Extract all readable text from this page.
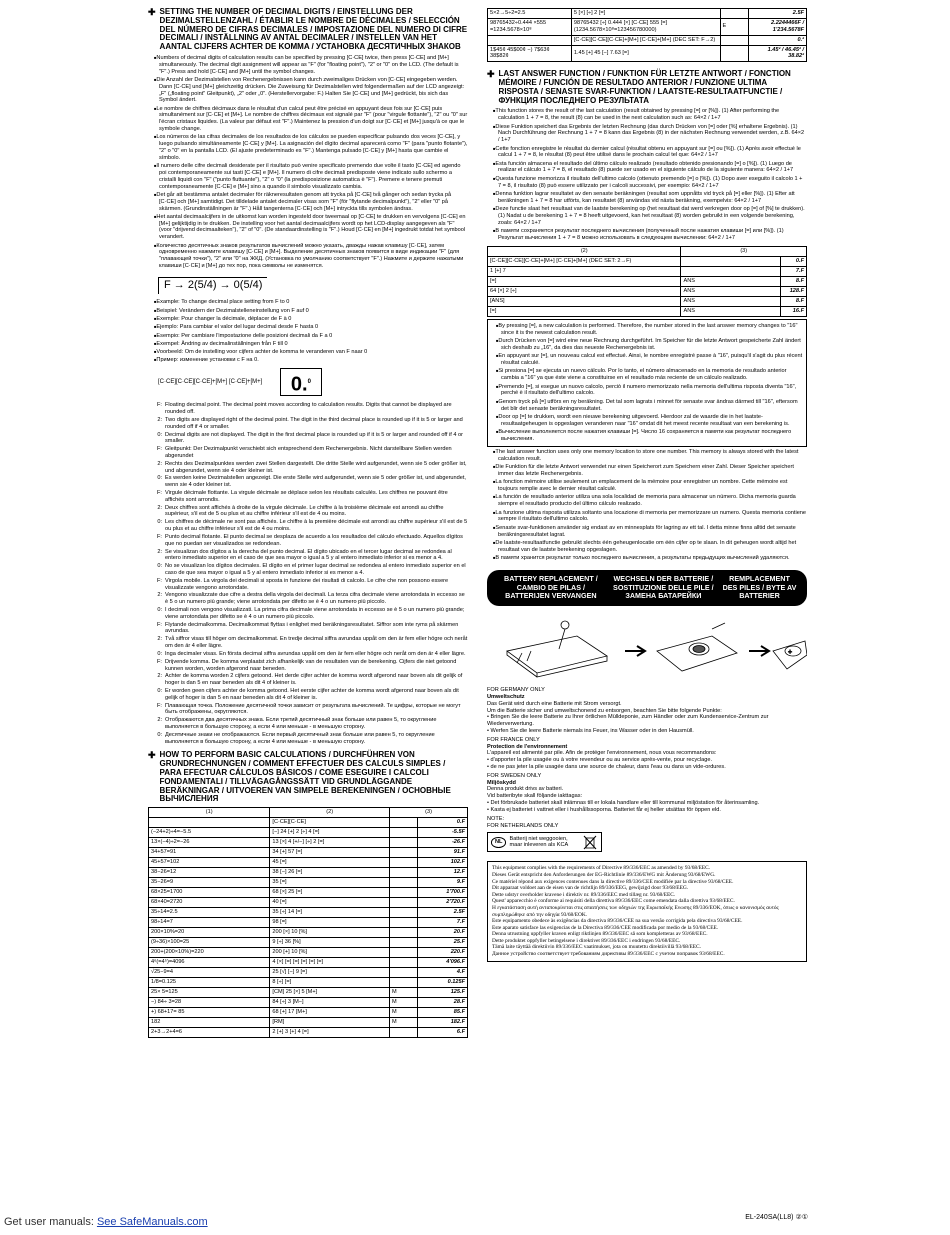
✚ SETTING THE NUMBER OF DECIMAL DIGITS / EINSTELLUNG DER DEZIMALSTELLENZAHL / ÉTABLIR LE NOMBRE DE DÉCIMALES / SELECCIÓN DEL NÚMERO DE CIFRAS DECIMALES / IMPOSTAZIONE DEL NUMERO DI CIFRE DECIMALI / INSTÄLLNING AV ANTAL DECIMALER / INSTELLEN VAN HET AANTAL CIJFERS ACHTER DE KOMMA / УСТАНОВКА ДЕСЯТИЧНЫХ ЗНАКОВ

■ Numbers of decimal digits of calculation results can be specified by pressing [C·CE] twice, then press [C·CE] and [M+] simultaneously. The decimal digit assignment will appear as "F" (for "floating point"), "2" or "0" on the LCD. (The default is "F".) Press and hold [C·CE] and [M+] until the symbol changes.

■ Die Anzahl der Dezimalstellen von Rechenergebnissen kann durch zweimaliges Drücken von [C·CE] eingegeben werden. Dann [C·CE] und [M+] gleichzeitig drücken. Die Zuweisung für Dezimalstellen wird folgendermaßen auf der LCD angezeigt: „F" („floating point" Gleitpunkt), „2" oder „0". (Herstellervorgabe: F.) Halten Sie [C·CE] und [M+] gedrückt, bis sich das Symbol ändert.

■ Le nombre de chiffres décimaux dans le résultat d'un calcul peut être précisé en appuyant deux fois sur [C·CE] puis simultanément sur [C·CE] et [M+]. Le nombre de chiffres décimaux est signalé par "F" (pour "virgule flottante"), "2" ou "0" sur l'écran cristaux liquides. (La valeur par défaut est "F".) Maintenez la pression d'un doigt sur [C·CE] et [M+] jusqu'à ce que le symbole change.

■ Los números de las cifras decimales de los resultados de los cálculos se pueden especificar pulsando dos veces [C·CE], y luego pulsando simultáneamente [C·CE] y [M+]. La asignación del dígito decimal aparecerá como "F" (para "punto flotante"), "2" o "0" en la pantalla LCD. (El ajuste predeterminado es "F".) Mantenga pulsado [C·CE] y [M+] hasta que cambie el símbolo.

■ Il numero delle cifre decimali desiderate per il risultato può venire specificato premendo due volte il tasto [C·CE] ed agendo poi contemporaneamente sui tasti [C·CE] e [M+]. Il numero di cifre decimali predisposte viene indicato sullo schermo a cristalli liquidi con "F" ("punto fluttuante"), "2" o "0" (la predisposizione automatica è "F"). Premere e tenere premuti contemporaneamente [C·CE] e [M+] sino a quando il simbolo visualizzato cambia.

■ Det går att bestämma antalet decimaler för räkneresultaten genom att trycka på [C·CE] två gånger och sedan trycka på [C·CE] och [M+] samtidigt. Det tilldelade antalet decimaler visas som "F" (för "flytande decimalpunkt"), "2" eller "0" på skärmen. (Grundinställningen är "F".) Håll tangenterna [C·CE] och [M+] intryckta tills symbolen ändras.

■ Het aantal decimaalcijfers in de uitkomst kan worden ingesteld door tweemaal op [C·CE] te drukken en vervolgens [C·CE] en [M+] gelijktijdig in te drukken. De instelling voor het aantal decimaalcijfers wordt op het LCD-display aangegeven als "F" (voor "drijvend decimaalteken"), "2" of "0". (De standaardinstelling is "F".) Houd [C·CE] en [M+] ingedrukt totdat het symbool verandert.

■ Количество десятичных знаков результатов вычислений можно указать, дважды нажав клавишу [C·CE], затем одновременно нажмите клавишу [C·CE] и [M+]. Выделение десятичных знаков появится в виде индикации "F" (для "плавающей точки"), "2" или "0" на ЖКД. (Установка по умолчанию соответствует "F".) Нажмите и держите нажатыми клавиши [C·CE] и [M+] до тех пор, пока символы не изменятся.

F → 2(5/4) → 0(5/4)

■ Example: To change decimal place setting from F to 0

■ Beispiel: Verändern der Dezimalstelleneinstellung von F auf 0

■ Exemple: Pour changer la décimale, déplacer de F à 0

■ Ejemplo: Para cambiar el valor del lugar decimal desde F hasta 0

■ Esempio: Per cambiare l'impostazione delle posizioni decimali da F a 0

■ Exempel: Ändring av decimalinställningen från F till 0

■ Voorbeeld: Om de instelling voor cijfers achter de komma te veranderen van F naar 0

■ Пример: изменение установки с F на 0.

[C·CE][C·CE][C·CE]+[M+] [C·CE]+[M+] 0.$^0$
F: Floating decimal point. The decimal point moves according to calculation results. Digits that cannot be displayed are rounded off.
2: Two digits are displayed right of the decimal point. The digit in the third decimal place is rounded up if it is 5 or larger and rounded off if 4 or smaller.
0: Decimal digits are not displayed. The digit in the first decimal place is rounded up if it is 5 or larger and rounded off if 4 or smaller.
F: Gleitpunkt: Der Dezimalpunkt verschiebt sich entsprechend dem Rechenergebnis. Nicht darstellbare Stellen werden abgerundet
2: Rechts des Dezimalpunktes werden zwei Stellen dargestellt. Die dritte Stelle wird aufgerundet, wenn sie 5 oder größer ist, und abgerundet, wenn sie 4 oder kleiner ist.
0: Es werden keine Dezimalstellen angezeigt. Die erste Stelle wird aufgerundet, wenn sie 5 oder größer ist, und abgerundet, wenn sie 4 oder kleiner ist.
F: Virgule décimale flottante. La virgule décimale se déplace selon les résultats calculés. Les chiffres ne pouvant être affichés sont arrondis.
2: Deux chiffres sont affichés à droite de la virgule décimale. Le chiffre à la troisième décimale est arrondi au chiffre supérieur, s'il est de 5 ou plus et au chiffre inférieur s'il est de 4 ou moins.
0: Les chiffres de décimale ne sont pas affichés. Le chiffre à la première décimale est arrondi au chiffre supérieur s'il est de 5 ou plus et au chiffre inférieur s'il est de 4 ou moins.
F: Punto decimal flotante. El punto decimal se desplaza de acuerdo a los resultados del cálculo efectuado. Aquellos dígitos que no puedan ser visualizados se redondean.
2: Se visualizan dos dígitos a la derecha del punto decimal. El dígito ubicado en el tercer lugar decimal se redondea al entero inmediato superior en el caso de que sea mayor o igual a 5 y al entero inmediato inferior si es menor a 4.
0: No se visualizan los dígitos decimales. El dígito en el primer lugar decimal se redondea al entero inmediato superior en el caso de que sea mayor o igual a 5 y al entero inmediato inferior si es menor a 4.
F: Virgola mobile. La virgola dei decimali si sposta in funzione dei risultati di calcolo. Le cifre che non possono essere visualizzate vengono arrotondate.
2: Vengono visualizzate due cifre a destra della virgola dei decimali. La terza cifra decimale viene arrotondata in eccesso se è 5 o un numero più grande; viene arrotondata per difetto se è 4 o un numero più piccolo.
0: I decimali non vengono visualizzati. La prima cifra decimale viene arrotondata in eccesso se è 5 o un numero più grande; viene arrotondata per difetto se è 4 o un numero più piccolo.
F: Flytande decimalkomma. Decimalkommat flyttas i enlighet med beräkningsresultatet. Siffror som inte ryms på skärmen avrundas.
2: Två siffror visas till höger om decimalkommat. En tredje decimal siffra avrundas uppåt om den är fem eller högre och neråt om den är 4 eller lägre.
0: Inga decimaler visas. En första decimal siffra avrundas uppåt om den är fem eller högre och neråt om den är 4 eller lägre.
F: Drijvende komma. De komma verplaatst zich afhankelijk van de resultaten van de berekening. Cijfers die niet getoond kunnen worden, worden afgerond naar beneden.
2: Achter de komma worden 2 cijfers getoond. Het derde cijfer achter de komma wordt afgerond naar boven als dit gelijk of hoger is dan 5 en naar beneden als dit 4 of kleiner is.
0: Er worden geen cijfers achter de komma getoond. Het eerste cijfer achter de komma wordt afgerond naar boven als dit gelijk of hoger is dan 5 en naar beneden als dit 4 of kleiner is.
F: Плавающая точка. Положение десятичной точки зависит от результата вычислений. Те цифры, которые не могут быть отображены, округляются.
2: Отображаются два десятичных знака. Если третий десятичный знак больше или равен 5, то округление выполняется в большую сторону, а если 4 или меньше - в меньшую сторону.
0: Десятичные знаки не отображаются. Если первый десятичный знак больше или равен 5, то округление выполняется в большую сторону, а если 4 или меньше - в меньшую сторону.
✚ HOW TO PERFORM BASIC CALCULATIONS / DURCHFÜHREN VON GRUNDRECHNUNGEN / COMMENT EFFECTUER DES CALCULS SIMPLES / PARA EFECTUAR CÁLCULOS BÁSICOS / COME ESEGUIRE I CALCOLI FONDAMENTALI / TILLVÄGAGÅNGSSÄTT VID GRUNDLÄGGANDE BERÄKNINGAR / UITVOEREN VAN SIMPELE BEREKENINGEN / ОСНОВНЫЕ ВЫЧИСЛЕНИЯ
(1)	(2)	(3)	
	[C·CE][C·CE]		0.F
(−24+2)÷4=−5.5	[−] 24 [+] 2 [÷] 4 [=]		-5.5F
13×(−4)÷2=−26	13 [×] 4 [+/−] [÷] 2 [=]		-26.F
34+57=91	34 [+] 57 [=]		91.F
45+57=102	45 [=]		102.F
38−26=12	38 [−] 26 [=]		12.F
35−26=9	35 [=]		9.F
68×25=1700	68 [×] 25 [=]		1'700.F
68×40=2720	40 [=]		2'720.F
35÷14=2.5	35 [÷] 14 [=]		2.5F
98÷14=7	98 [=]		7.F
200×10%=20	200 [×] 10 [%]		20.F
(9÷36)×100=25	9 [÷] 36 [%]		25.F
200+(200×10%)=220	200 [+] 10 [%]		220.F
4⁶(=4⁵)=4096	4 [×] [=] [=] [=] [=] [=]		4'096.F
√25−9=4	25 [√] [−] 9 [=]		4.F
1/8=0.125	8 [÷] [=]		0.125F
25× 5=125	[CM] 25 [×] 5 [M+]	M	125.F
−) 84÷ 3=28	84 [÷] 3 [M−]	M	28.F
+) 68+17= 85	68 [+] 17 [M+]	M	85.F
182	[RM]	M	182.F
2+3→2+4=6	2 [+] 3 [+] 4 [=]		6.F
5×2→5÷2=2.5	5 [×] [÷] 2 [=]		2.5F
98765432÷0.444 ×555 =1234.5678×10⁸	98765432 [÷] 0.444 [×] [C·CE] 555 [=] (1234.5678×10⁸=123456780000)	E	2.2244466F / 1'234.5678F
	[C·CE][C·CE][C·CE]+[M+] [C·CE]+[M+] (DEC SET: F→2)		0.²
1$45¢ 45$00¢ −) 7$63¢ 38$82¢	1.45 [+] 45 [−] 7.63 [=]		1.45² / 46.45² / 38.82²
✚ LAST ANSWER FUNCTION / FUNKTION FÜR LETZTE ANTWORT / FONCTION MÉMOIRE / FUNCIÓN DE RESULTADO ANTERIOR / FUNZIONE ULTIMA RISPOSTA / SENASTE SVAR-FUNKTION / LAATSTE-RESULTAATFUNCTIE / ФУНКЦИЯ ПОСЛЕДНЕГО РЕЗУЛЬТАТА

■ This function stores the result of the last calculation (result obtained by pressing [=] or [%]). (1) After performing the calculation 1 + 7 = 8, the result (8) can be used in the next calculation such as: 64×2 / 1+7

■ Diese Funktion speichert das Ergebnis der letzten Rechnung (das durch Drücken von [=] oder [%] erhaltene Ergebnis). (1) Nach Durchführung der Rechnung 1 + 7 = 8 kann das Ergebnis (8) in der nächsten Rechnung verwendet werden, z.B. 64×2 / 1+7

■ Cette fonction enregistre le résultat du dernier calcul (résultat obtenu en appuyant sur [=] ou [%]). (1) Après avoir effectué le calcul 1 + 7 = 8, le résultat (8) peut être utilisé dans le prochain calcul tel que: 64×2 / 1+7

■ Esta función almacena el resultado del último cálculo realizado (resultado obtenido presionando [=] o [%]). (1) Luego de realizar el cálculo 1 + 7 = 8, el resultado (8) puede ser usado en el siguiente cálculo de la siguiente manera: 64×2 / 1+7

■ Questa funzione memorizza il risultato dell'ultimo calcolo (ottenuto premendo [=] o [%]). (1) Dopo aver eseguito il calcolo 1 + 7 = 8, il risultato (8) può essere utilizzato per i calcoli successivi, per esempio: 64×2 / 1+7

■ Denna funktion lagrar resultatet av den senaste beräkningen (resultat som uppnåtts vid tryck på [=] eller [%]). (1) Efter att beräkningen 1 + 7 = 8 har utförts, kan resultatet (8) användas vid nästa beräkning, exempelvis: 64×2 / 1+7

■ Deze functie slaat het resultaat van de laatste berekening op (het resultaat dat werd verkregen door op [=] of [%] te drukken). (1) Nadat u de berekening 1 + 7 = 8 heeft uitgevoerd, kan het resultaat (8) worden gebruikt in een volgende berekening, zoals: 64×2 / 1+7

■ В памяти сохраняется результат последнего вычисления (полученный после нажатия клавиши [=] или [%]). (1) Результат вычисления 1 + 7 = 8 можно использовать в следующем вычислении: 64×2 / 1+7

(2)	(3)	
[C·CE][C·CE][C·CE]+[M+] [C·CE]+[M+] (DEC SET: 2→F)		0.F
1 [+] 7		7.F
[=]	ANS	8.F
64 [×] 2 [÷]	ANS	128.F
[ANS]	ANS	8.F
[=]	ANS	16.F

■ By pressing [=], a new calculation is performed. Therefore, the number stored in the last answer memory changes to "16" since it is the newest calculation result.

■ Durch Drücken von [=] wird eine neue Rechnung durchgeführt. Im Speicher für die letzte Antwort gespeicherte Zahl ändert sich deshalb zu „16", da dies das neueste Rechenergebnis ist.

■ En appuyant sur [=], un nouveau calcul est effectué. Ainsi, le nombre enregistré passe à "16", puisqu'il s'agit du plus récent résultat calculé.

■ Si presiona [=] se ejecuta un nuevo cálculo. Por lo tanto, el número almacenado en la memoria de resultado anterior cambia a "16" ya que éste viene a constituirse en el resultado más reciente de un cálculo realizado.

■ Premendo [=], si esegue un nuovo calcolo, perciò il numero memorizzato nella memoria dell'ultima risposta diventa "16", perché è il risultato dell'ultimo calcolo.

■ Genom tryck på [=] utförs en ny beräkning. Det tal som lagrats i minnet för senaste svar ändras därmed till "16", eftersom det blir det senaste beräkningsresultatet.

■ Door op [=] te drukken, wordt een nieuwe berekening uitgevoerd. Hierdoor zal de waarde die in het laatste-resultaatgeheugen is opgeslagen veranderen naar "16" omdat dit het meest recente resultaat van een berekening is.

■ Вычисление выполняется после нажатия клавиши [=]. Число 16 сохраняется в памяти как результат последнего вычисления.

■ The last answer function uses only one memory location to store one number. This memory is always stored with the latest calculation result.

■ Die Funktion für die letzte Antwort verwendet nur einen Speicherort zum Speichern einer Zahl. Dieser Speicher speichert immer das letzte Rechenergebnis.

■ La fonction mémoire utilise seulement un emplacement de la mémoire pour enregistrer un nombre. Cette mémoire est toujours remplie avec le dernier résultat calculé.

■ La función de resultado anterior utiliza una sola localidad de memoria para almacenar un número. Dicha memoria guarda siempre el resultado producto del último cálculo realizado.

■ La funzione ultima risposta utilizza soltanto una locazione di memoria per memorizzare un numero. Questa memoria contiene sempre il risultato dell'ultimo calcolo.

■ Senaste svar-funktionen använder sig endast av en minnesplats för lagring av ett tal. I detta minne finns alltid det senaste beräkningsresultatet lagrat.

■ De laatste-resultaatfunctie gebruikt slechts één geheugenlocatie om één cijfer op te slaan. In dit geheugen wordt altijd het resultaat van de laatste berekening opgeslagen.

■ В памяти хранится результат только последнего вычисления, а результаты предыдущих вычислений удаляются.

BATTERY REPLACEMENT / CAMBIO DE PILAS / BATTERIJEN VERVANGEN
WECHSELN DER BATTERIE / SOSTITUZIONE DELLE PILE / ЗАМЕНА БАТАРЕЙКИ
REMPLACEMENT DES PILES / BYTE AV BATTERIER
+
FOR GERMANY ONLY
Umweltschutz
Das Gerät wird durch eine Batterie mit Strom versorgt.
Um die Batterie sicher und umweltschonend zu entsorgen, beachten Sie bitte folgende Punkte:
• Bringen Sie die leere Batterie zu Ihrer örtlichen Mülldeponie, zum Händler oder zum Kundenservice-Zentrum zur Wiederverwertung.
• Werfen Sie die leere Batterie niemals ins Feuer, ins Wasser oder in den Hausmüll.
FOR FRANCE ONLY
Protection de l'environnement
L'appareil est alimenté par pile. Afin de protéger l'environnement, nous vous recommandons:
• d'apporter la pile usagée ou à votre revendeur ou au service après-vente, pour recyclage.
• de ne pas jeter la pile usagée dans une source de chaleur, dans l'eau ou dans un vide-ordures.
FOR SWEDEN ONLY
Miljöskydd
Denna produkt drivs av batteri.
Vid batteribyte skall följande iakttagas:
• Det förbrukade batteriet skall inlämnas till er lokala handlare eller till kommunal miljöstation för återinsamling.
• Kasta ej batteriet i vattnet eller i hushållssoporna. Batteriet får ej heller utsättas för öppen eld.
NOTE:
FOR NETHERLANDS ONLY
NL
Batterij niet weggooien, maar inleveren als KCA
This equipment complies with the requirements of Directive 89/336/EEC as amended by 93/68/EEC.
Dieses Gerät entspricht den Anforderungen der EG-Richtlinie 89/336/EWG mit Änderung 93/68/EWG.
Ce matériel répond aux exigences contenues dans la directive 89/336/CEE modifiée par la directive 93/68/CEE.
Dit apparaat voldoet aan de eisen van de richtlijn 89/336/EEG, gewijzigd door 93/68/EEG.
Dette udstyr overholder kravene i direktiv nr. 89/336/EEC med tillæg nr. 93/68/EEC.
Quest' apparecchio è conforme ai requisiti della direttiva 89/336/EEC come emendata dalla direttiva 93/68/EEC.
Η εγκατάσταση αυτή ανταποκρίνεται στις απαιτήσεις των οδηγιών της Ευρωπαϊκής Ενωσης 89/336/ΕΟΚ, όπως ο κανονισμός αυτός συμπληρώθηκε από την οδηγία 93/68/ΕΟΚ.
Este equipamento obedece às exigências da directiva 89/336/CEE na sua versão corrigida pela directiva 93/68/CEE.
Este aparato satisface las exigencias de la Directiva 89/336/CEE modificada por medio de la 93/68/CEE.
Denna utrustning uppfyller kraven enligt riktlinjen 89/336/EEC så som kompletteras av 93/68/EEC.
Dette produktet oppfyller betingelsene i direktivet 89/336/EEC i endringen 93/68/EEC.
Tämä laite täyttää direktiivin 89/336/EEC vaatimukset, jota on muutettu direktiivillä 93/68/EEC.
Данное устройство соответствует требованиям директивы 89/336/EEC с учетом поправок 93/68/EEC.
Get user manuals: See SafeManuals.com	EL-240SA(LL8) ②①
